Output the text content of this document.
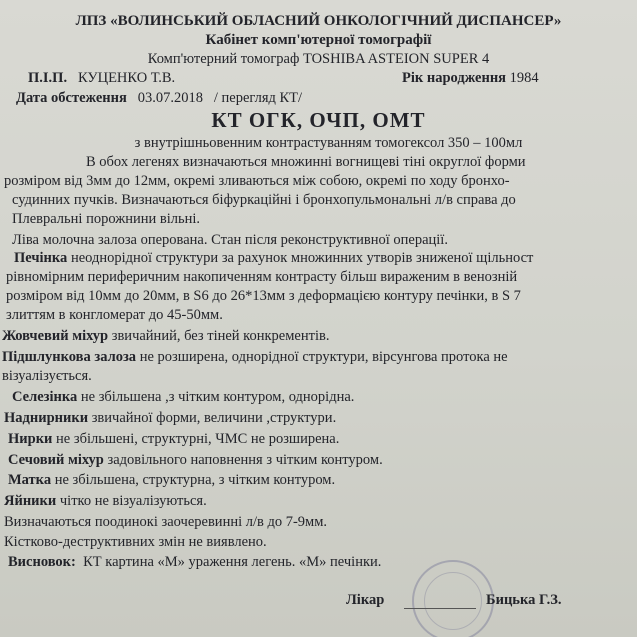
ЛПЗ «ВОЛИНСЬКИЙ ОБЛАСНИЙ ОНКОЛОГІЧНИЙ ДИСПАНСЕР»
Кабінет комп'ютерної томографії
Комп'ютерний томограф TOSHIBA ASTEION SUPER 4
П.І.П. КУЦЕНКО Т.В.	Рік народження 1984
Дата обстеження 03.07.2018 / перегляд КТ/
КТ ОГК, ОЧП, ОМТ
з внутрішньовенним контрастуванням томогексол 350 – 100мл
В обох легенях визначаються множинні вогнищеві тіні округлої форми
розміром від 3мм до 12мм, окремі зливаються між собою, окремі по ходу бронхо-
судинних пучків. Визначаються біфуркаційні і бронхопульмональні л/в справа до
Плевральні порожнини вільні.
Ліва молочна залоза оперована. Стан після реконструктивної операції.
Печінка неоднорідної структури за рахунок множинних утворів зниженої щільност
рівномірним периферичним накопиченням контрасту більш вираженим в венозній
розміром від 10мм до 20мм, в S6 до 26*13мм з деформацією контуру печінки, в S 7
злиттям в конгломерат до 45-50мм.
Жовчевий міхур звичайний, без тіней конкрементів.
Підшлункова залоза не розширена, однорідної структури, вірсунгова протока не
візуалізується.
Селезінка не збільшена ,з чітким контуром, однорідна.
Наднирники звичайної форми, величини ,структури.
Нирки не збільшені, структурні, ЧМС не розширена.
Сечовий міхур задовільного наповнення з чітким контуром.
Матка не збільшена, структурна, з чітким контуром.
Яйники чітко не візуалізуються.
Визначаються поодинокі заочеревинні л/в до 7-9мм.
Кістково-деструктивних змін не виявлено.
Висновок: КТ картина «М» ураження легень. «М» печінки.
Лікар	Бицька Г.З.
